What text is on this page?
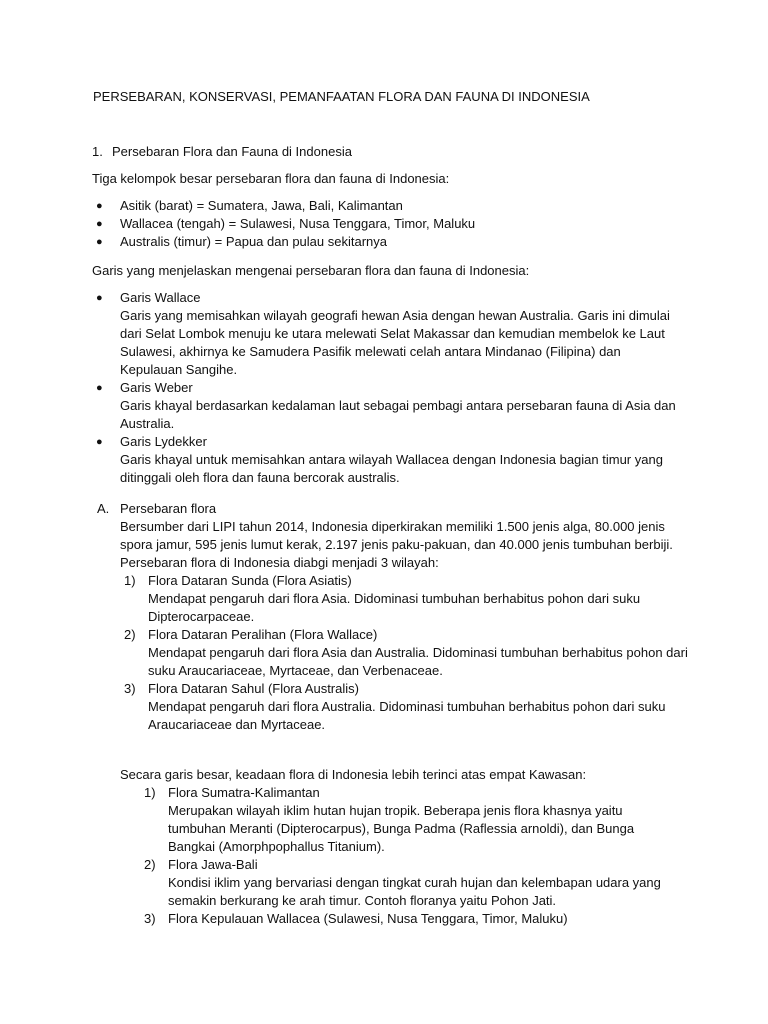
PERSEBARAN, KONSERVASI, PEMANFAATAN FLORA DAN FAUNA DI INDONESIA
1. Persebaran Flora dan Fauna di Indonesia
Tiga kelompok besar persebaran flora dan fauna di Indonesia:
● Asitik (barat) = Sumatera, Jawa, Bali, Kalimantan
● Wallacea (tengah) = Sulawesi, Nusa Tenggara, Timor, Maluku
● Australis (timur) = Papua dan pulau sekitarnya
Garis yang menjelaskan mengenai persebaran flora dan fauna di Indonesia:
● Garis Wallace
Garis yang memisahkan wilayah geografi hewan Asia dengan hewan Australia. Garis ini dimulai dari Selat Lombok menuju ke utara melewati Selat Makassar dan kemudian membelok ke Laut Sulawesi, akhirnya ke Samudera Pasifik melewati celah antara Mindanao (Filipina) dan Kepulauan Sangihe.
● Garis Weber
Garis khayal berdasarkan kedalaman laut sebagai pembagi antara persebaran fauna di Asia dan Australia.
● Garis Lydekker
Garis khayal untuk memisahkan antara wilayah Wallacea dengan Indonesia bagian timur yang ditinggali oleh flora dan fauna bercorak australis.
A. Persebaran flora
Bersumber dari LIPI tahun 2014, Indonesia diperkirakan memiliki 1.500 jenis alga, 80.000 jenis spora jamur, 595 jenis lumut kerak, 2.197 jenis paku-pakuan, dan 40.000 jenis tumbuhan berbiji. Persebaran flora di Indonesia diabgi menjadi 3 wilayah:
1) Flora Dataran Sunda (Flora Asiatis)
Mendapat pengaruh dari flora Asia. Didominasi tumbuhan berhabitus pohon dari suku Dipterocarpaceae.
2) Flora Dataran Peralihan (Flora Wallace)
Mendapat pengaruh dari flora Asia dan Australia. Didominasi tumbuhan berhabitus pohon dari suku Araucariaceae, Myrtaceae, dan Verbenaceae.
3) Flora Dataran Sahul (Flora Australis)
Mendapat pengaruh dari flora Australia. Didominasi tumbuhan berhabitus pohon dari suku Araucariaceae dan Myrtaceae.
Secara garis besar, keadaan flora di Indonesia lebih terinci atas empat Kawasan:
1) Flora Sumatra-Kalimantan
Merupakan wilayah iklim hutan hujan tropik. Beberapa jenis flora khasnya yaitu tumbuhan Meranti (Dipterocarpus), Bunga Padma (Raflessia arnoldi), dan Bunga Bangkai (Amorphpophallus Titanium).
2) Flora Jawa-Bali
Kondisi iklim yang bervariasi dengan tingkat curah hujan dan kelembapan udara yang semakin berkurang ke arah timur. Contoh floranya yaitu Pohon Jati.
3) Flora Kepulauan Wallacea (Sulawesi, Nusa Tenggara, Timor, Maluku)
